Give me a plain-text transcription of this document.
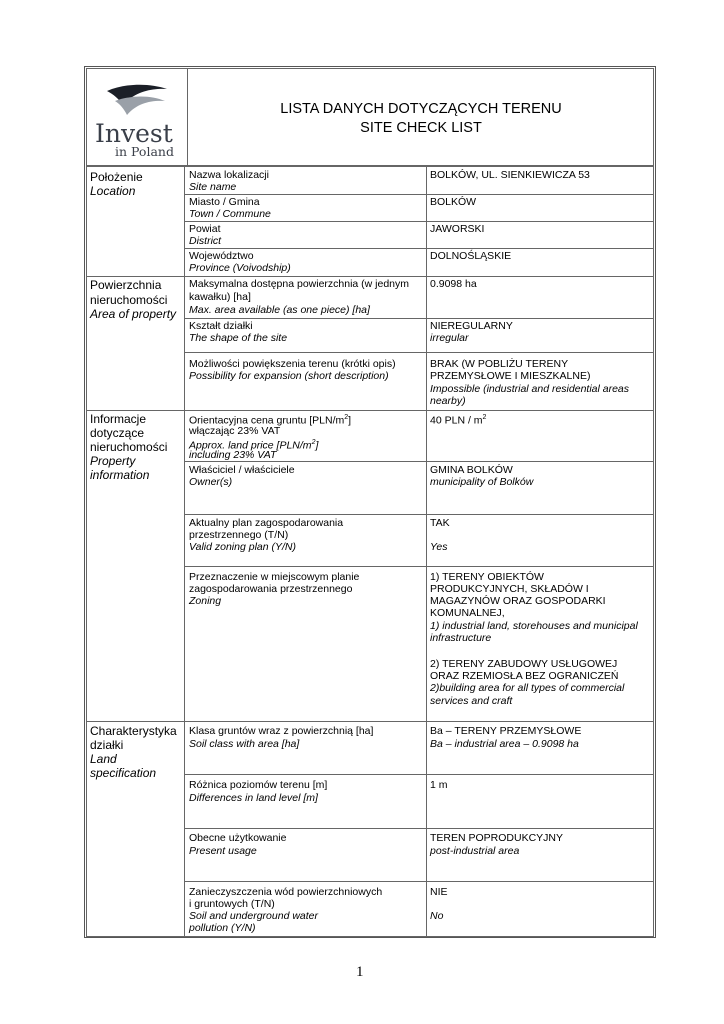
Invest
in Poland
LISTA DANYCH DOTYCZĄCYCH TERENU
SITE CHECK LIST
Położenie
Location
Nazwa lokalizacji
Site name
BOLKÓW, UL. SIENKIEWICZA 53
Miasto / Gmina
Town / Commune
BOLKÓW
Powiat
District
JAWORSKI
Województwo
Province (Voivodship)
DOLNOŚLĄSKIE
Powierzchnia
nieruchomości
Area of property
Maksymalna dostępna powierzchnia (w jednym
kawałku) [ha]
Max. area available (as one piece) [ha]
0.9098 ha
Kształt działki
The shape of the site
NIEREGULARNY
irregular
Możliwości powiększenia terenu (krótki opis)
Possibility for expansion (short description)
BRAK (W POBLIŻU TERENY
PRZEMYSŁOWE I MIESZKALNE)
Impossible (industrial and residential areas
nearby)
Informacje
dotyczące
nieruchomości
Property
information
Orientacyjna cena gruntu $[PLN/m^2]$
włączając 23% VAT
Approx. land price $[PLN/m^2]$
including 23% VAT
40 PLN / $m^2$
Właściciel / właściciele
Owner(s)
GMINA BOLKÓW
municipality of Bolków
Aktualny plan zagospodarowania
przestrzennego (T/N)
Valid zoning plan (Y/N)
TAK
Yes
Przeznaczenie w miejscowym planie
zagospodarowania przestrzennego
Zoning
1) TERENY OBIEKTÓW
PRODUKCYJNYCH, SKŁADÓW I
MAGAZYNÓW ORAZ GOSPODARKI
KOMUNALNEJ,
1) industrial land, storehouses and municipal
infrastructure
2) TERENY ZABUDOWY USŁUGOWEJ
ORAZ RZEMIOSŁA BEZ OGRANICZEŃ
2)building area for all types of commercial
services and craft
Charakterystyka
działki
Land
specification
Klasa gruntów wraz z powierzchnią [ha]
Soil class with area [ha]
Ba – TERENY PRZEMYSŁOWE
Ba – industrial area – 0.9098 ha
Różnica poziomów terenu [m]
Differences in land level [m]
1 m
Obecne użytkowanie
Present usage
TEREN POPRODUKCYJNY
post-industrial area
Zanieczyszczenia wód powierzchniowych
i gruntowych (T/N)
Soil and underground water
pollution (Y/N)
NIE
No
1
